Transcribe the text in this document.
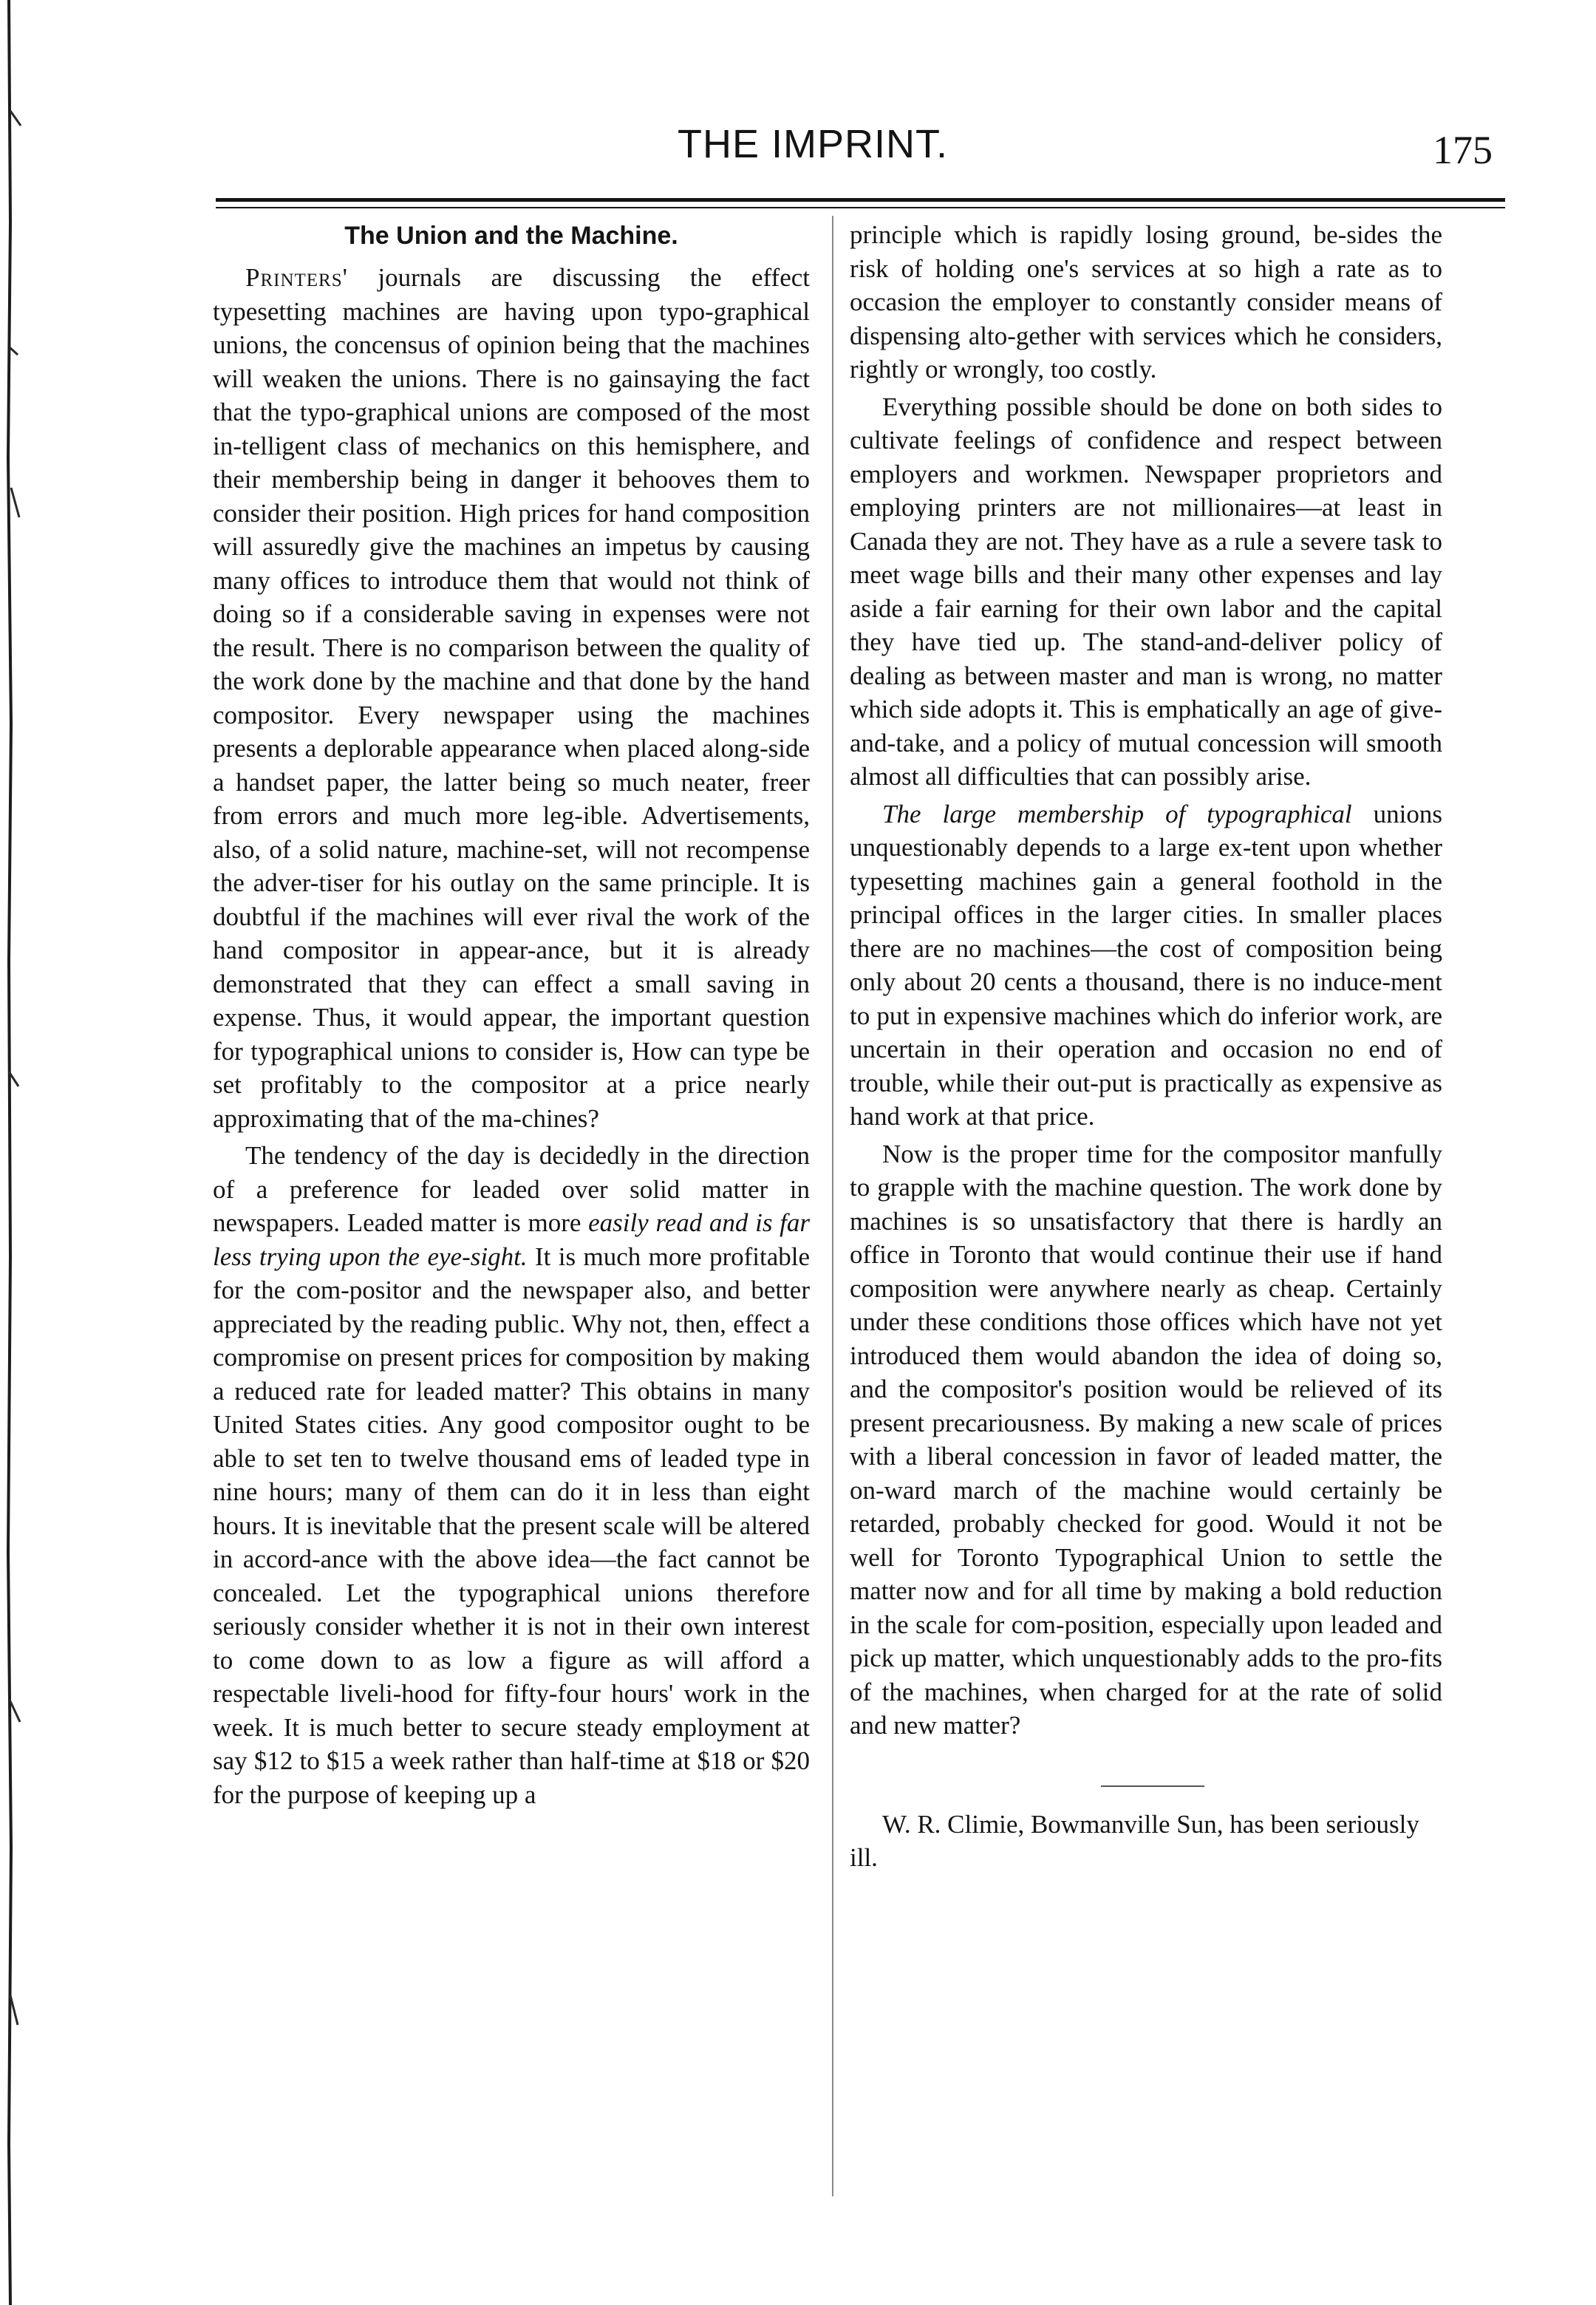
THE IMPRINT.	175
The Union and the Machine.

Printers' journals are discussing the effect typesetting machines are having upon typo-graphical unions, the concensus of opinion being that the machines will weaken the unions. There is no gainsaying the fact that the typo-graphical unions are composed of the most in-telligent class of mechanics on this hemisphere, and their membership being in danger it behooves them to consider their position. High prices for hand composition will assuredly give the machines an impetus by causing many offices to introduce them that would not think of doing so if a considerable saving in expenses were not the result. There is no comparison between the quality of the work done by the machine and that done by the hand compositor. Every newspaper using the machines presents a deplorable appearance when placed along-side a handset paper, the latter being so much neater, freer from errors and much more leg-ible. Advertisements, also, of a solid nature, machine-set, will not recompense the adver-tiser for his outlay on the same principle. It is doubtful if the machines will ever rival the work of the hand compositor in appear-ance, but it is already demonstrated that they can effect a small saving in expense. Thus, it would appear, the important question for typographical unions to consider is, How can type be set profitably to the compositor at a price nearly approximating that of the ma-chines?

The tendency of the day is decidedly in the direction of a preference for leaded over solid matter in newspapers. Leaded matter is more easily read and is far less trying upon the eye-sight. It is much more profitable for the com-positor and the newspaper also, and better appreciated by the reading public. Why not, then, effect a compromise on present prices for composition by making a reduced rate for leaded matter? This obtains in many United States cities. Any good compositor ought to be able to set ten to twelve thousand ems of leaded type in nine hours; many of them can do it in less than eight hours. It is inevitable that the present scale will be altered in accord-ance with the above idea—the fact cannot be concealed. Let the typographical unions therefore seriously consider whether it is not in their own interest to come down to as low a figure as will afford a respectable liveli-hood for fifty-four hours' work in the week. It is much better to secure steady employment at say $12 to $15 a week rather than half-time at $18 or $20 for the purpose of keeping up a

principle which is rapidly losing ground, be-sides the risk of holding one's services at so high a rate as to occasion the employer to constantly consider means of dispensing alto-gether with services which he considers, rightly or wrongly, too costly.

Everything possible should be done on both sides to cultivate feelings of confidence and respect between employers and workmen. Newspaper proprietors and employing printers are not millionaires—at least in Canada they are not. They have as a rule a severe task to meet wage bills and their many other expenses and lay aside a fair earning for their own labor and the capital they have tied up. The stand-and-deliver policy of dealing as between master and man is wrong, no matter which side adopts it. This is emphatically an age of give-and-take, and a policy of mutual concession will smooth almost all difficulties that can possibly arise.

The large membership of typographical unions unquestionably depends to a large ex-tent upon whether typesetting machines gain a general foothold in the principal offices in the larger cities. In smaller places there are no machines—the cost of composition being only about 20 cents a thousand, there is no induce-ment to put in expensive machines which do inferior work, are uncertain in their operation and occasion no end of trouble, while their out-put is practically as expensive as hand work at that price.

Now is the proper time for the compositor manfully to grapple with the machine question. The work done by machines is so unsatisfactory that there is hardly an office in Toronto that would continue their use if hand composition were anywhere nearly as cheap. Certainly under these conditions those offices which have not yet introduced them would abandon the idea of doing so, and the compositor's position would be relieved of its present precariousness. By making a new scale of prices with a liberal concession in favor of leaded matter, the on-ward march of the machine would certainly be retarded, probably checked for good. Would it not be well for Toronto Typographical Union to settle the matter now and for all time by making a bold reduction in the scale for com-position, especially upon leaded and pick up matter, which unquestionably adds to the pro-fits of the machines, when charged for at the rate of solid and new matter?

W. R. Climie, Bowmanville Sun, has been seriously ill.
